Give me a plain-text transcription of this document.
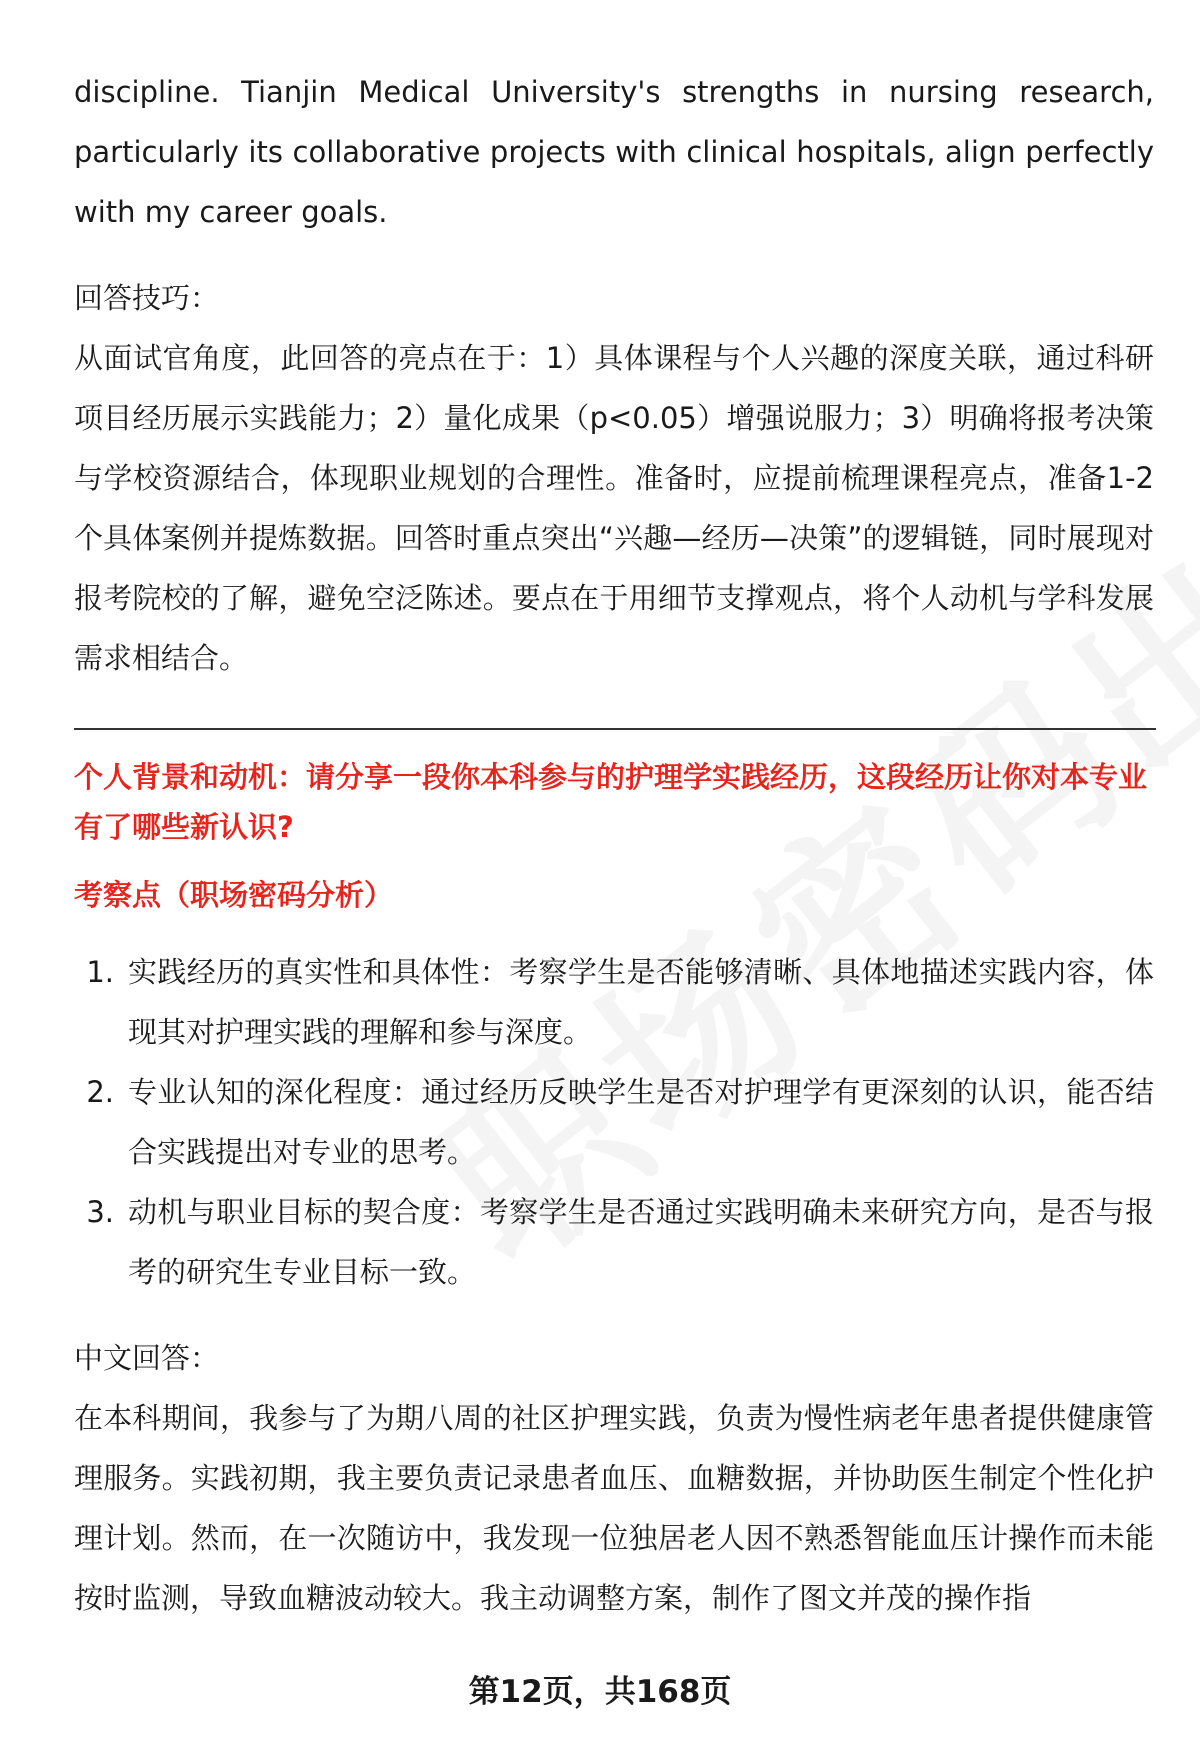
discipline. Tianjin Medical University's strengths in nursing research, particularly its collaborative projects with clinical hospitals, align perfectly with my career goals.

回答技巧：

从面试官角度，此回答的亮点在于：1）具体课程与个人兴趣的深度关联，通过科研项目经历展示实践能力；2）量化成果（p<0.05）增强说服力；3）明确将报考决策与学校资源结合，体现职业规划的合理性。准备时，应提前梳理课程亮点，准备1-2个具体案例并提炼数据。回答时重点突出“兴趣—经历—决策”的逻辑链，同时展现对报考院校的了解，避免空泛陈述。要点在于用细节支撑观点，将个人动机与学科发展需求相结合。

个人背景和动机：请分享一段你本科参与的护理学实践经历，这段经历让你对本专业有了哪些新认识?

考察点（职场密码分析）

1. 实践经历的真实性和具体性：考察学生是否能够清晰、具体地描述实践内容，体现其对护理实践的理解和参与深度。
2. 专业认知的深化程度：通过经历反映学生是否对护理学有更深刻的认识，能否结合实践提出对专业的思考。
3. 动机与职业目标的契合度：考察学生是否通过实践明确未来研究方向，是否与报考的研究生专业目标一致。

中文回答：

在本科期间，我参与了为期八周的社区护理实践，负责为慢性病老年患者提供健康管理服务。实践初期，我主要负责记录患者血压、血糖数据，并协助医生制定个性化护理计划。然而，在一次随访中，我发现一位独居老人因不熟悉智能血压计操作而未能按时监测，导致血糖波动较大。我主动调整方案，制作了图文并茂的操作指

第12页，共168页
